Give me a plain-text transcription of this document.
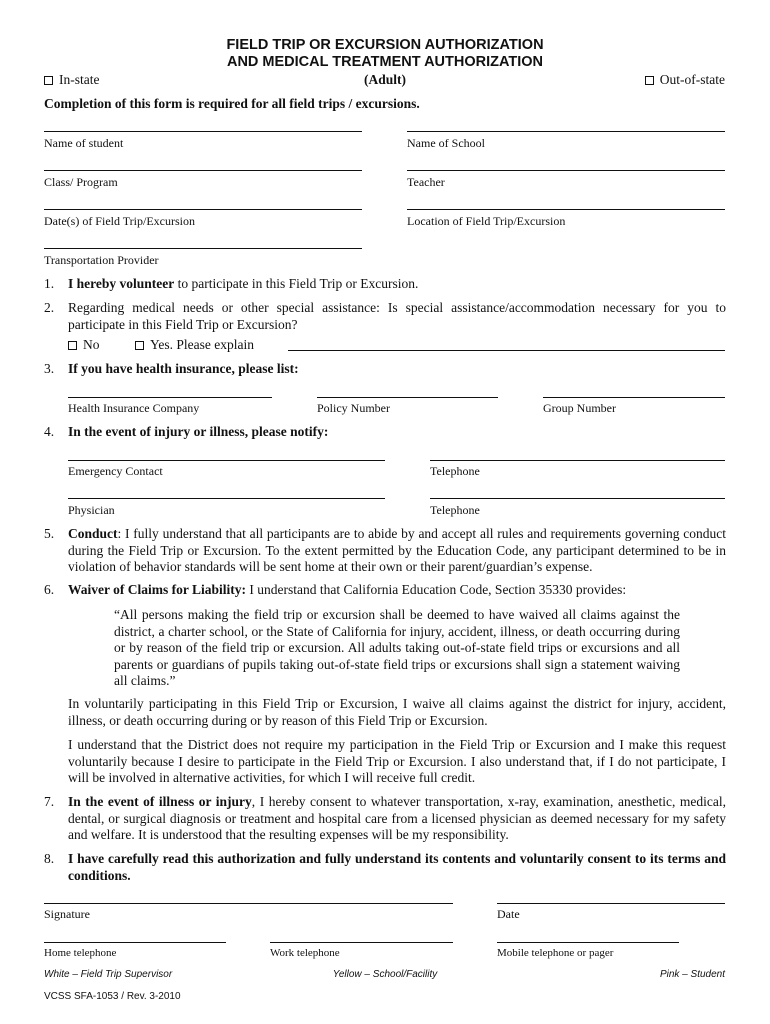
FIELD TRIP OR EXCURSION AUTHORIZATION
AND MEDICAL TREATMENT AUTHORIZATION
In-state	(Adult)	Out-of-state
Completion of this form is required for all field trips / excursions.
Name of student	Name of School
Class/ Program	Teacher
Date(s) of Field Trip/Excursion	Location of Field Trip/Excursion
Transportation Provider
1. I hereby volunteer to participate in this Field Trip or Excursion.
2. Regarding medical needs or other special assistance: Is special assistance/accommodation necessary for you to participate in this Field Trip or Excursion?
No	Yes. Please explain
3. If you have health insurance, please list:
Health Insurance Company	Policy Number	Group Number
4. In the event of injury or illness, please notify:
Emergency Contact	Telephone
Physician	Telephone
5. Conduct: I fully understand that all participants are to abide by and accept all rules and requirements governing conduct during the Field Trip or Excursion. To the extent permitted by the Education Code, any participant determined to be in violation of behavior standards will be sent home at their own or their parent/guardian’s expense.
6. Waiver of Claims for Liability: I understand that California Education Code, Section 35330 provides:
“All persons making the field trip or excursion shall be deemed to have waived all claims against the district, a charter school, or the State of California for injury, accident, illness, or death occurring during or by reason of the field trip or excursion. All adults taking out-of-state field trips or excursions and all parents or guardians of pupils taking out-of-state field trips or excursions shall sign a statement waiving all claims.”
In voluntarily participating in this Field Trip or Excursion, I waive all claims against the district for injury, accident, illness, or death occurring during or by reason of this Field Trip or Excursion.
I understand that the District does not require my participation in the Field Trip or Excursion and I make this request voluntarily because I desire to participate in the Field Trip or Excursion. I also understand that, if I do not participate, I will be involved in alternative activities, for which I will receive full credit.
7. In the event of illness or injury, I hereby consent to whatever transportation, x-ray, examination, anesthetic, medical, dental, or surgical diagnosis or treatment and hospital care from a licensed physician as deemed necessary for my safety and welfare. It is understood that the resulting expenses will be my responsibility.
8. I have carefully read this authorization and fully understand its contents and voluntarily consent to its terms and conditions.
Signature	Date
Home telephone	Work telephone	Mobile telephone or pager
White – Field Trip Supervisor	Yellow – School/Facility	Pink – Student
VCSS SFA-1053 / Rev. 3-2010
